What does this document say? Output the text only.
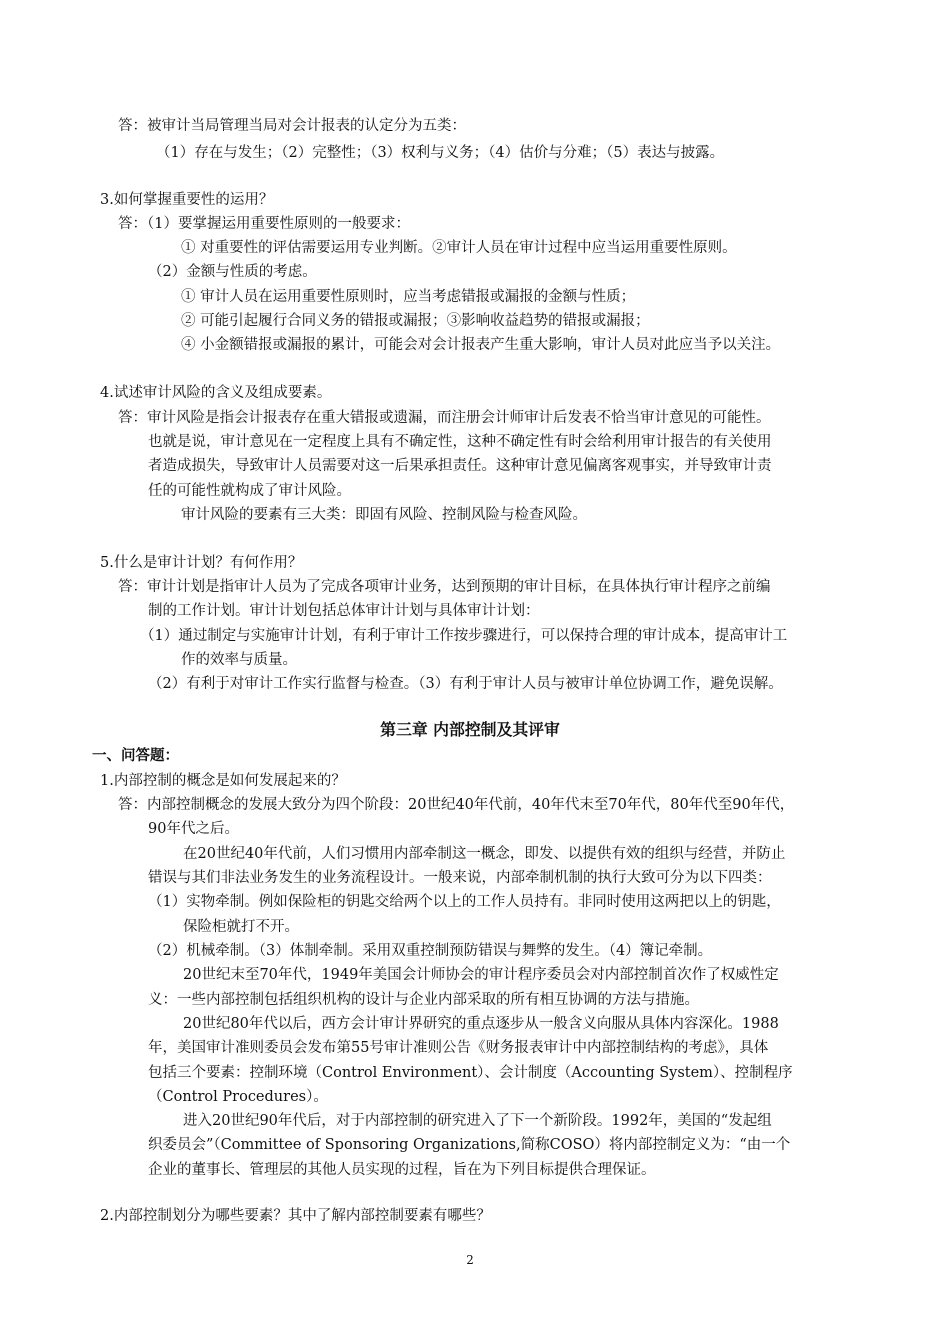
答：被审计当局管理当局对会计报表的认定分为五类：
（1）存在与发生；（2）完整性；（3）权利与义务；（4）估价与分难；（5）表达与披露。
3.如何掌握重要性的运用？
答：（1）要掌握运用重要性原则的一般要求：
① 对重要性的评估需要运用专业判断。②审计人员在审计过程中应当运用重要性原则。
（2）金额与性质的考虑。
① 审计人员在运用重要性原则时，应当考虑错报或漏报的金额与性质；
② 可能引起履行合同义务的错报或漏报；③影响收益趋势的错报或漏报；
④ 小金额错报或漏报的累计，可能会对会计报表产生重大影响，审计人员对此应当予以关注。
4.试述审计风险的含义及组成要素。
答：审计风险是指会计报表存在重大错报或遗漏，而注册会计师审计后发表不恰当审计意见的可能性。
也就是说，审计意见在一定程度上具有不确定性，这种不确定性有时会给利用审计报告的有关使用
者造成损失，导致审计人员需要对这一后果承担责任。这种审计意见偏离客观事实，并导致审计责
任的可能性就构成了审计风险。
审计风险的要素有三大类：即固有风险、控制风险与检查风险。
5.什么是审计计划？有何作用？
答：审计计划是指审计人员为了完成各项审计业务，达到预期的审计目标，在具体执行审计程序之前编
制的工作计划。审计计划包括总体审计计划与具体审计计划：
（1）通过制定与实施审计计划，有利于审计工作按步骤进行，可以保持合理的审计成本，提高审计工
作的效率与质量。
（2）有利于对审计工作实行监督与检查。（3）有利于审计人员与被审计单位协调工作，避免误解。
第三章 内部控制及其评审
一、问答题：
1.内部控制的概念是如何发展起来的？
答：内部控制概念的发展大致分为四个阶段：20世纪40年代前，40年代末至70年代，80年代至90年代，
90年代之后。
在20世纪40年代前，人们习惯用内部牵制这一概念，即发、以提供有效的组织与经营，并防止
错误与其们非法业务发生的业务流程设计。一般来说，内部牵制机制的执行大致可分为以下四类：
（1）实物牵制。例如保险柜的钥匙交给两个以上的工作人员持有。非同时使用这两把以上的钥匙，
保险柜就打不开。
（2）机械牵制。（3）体制牵制。采用双重控制预防错误与舞弊的发生。（4）簿记牵制。
20世纪末至70年代，1949年美国会计师协会的审计程序委员会对内部控制首次作了权威性定
义：一些内部控制包括组织机构的设计与企业内部采取的所有相互协调的方法与措施。
20世纪80年代以后，西方会计审计界研究的重点逐步从一般含义向服从具体内容深化。1988
年，美国审计准则委员会发布第55号审计准则公告《财务报表审计中内部控制结构的考虑》，具体
包括三个要素：控制环境（Control Environment）、会计制度（Accounting System）、控制程序
（Control Procedures）。
进入20世纪90年代后，对于内部控制的研究进入了下一个新阶段。1992年，美国的“发起组
织委员会”（Committee of Sponsoring Organizations,简称COSO）将内部控制定义为：“由一个
企业的董事长、管理层的其他人员实现的过程，旨在为下列目标提供合理保证。
2.内部控制划分为哪些要素？其中了解内部控制要素有哪些？
2
